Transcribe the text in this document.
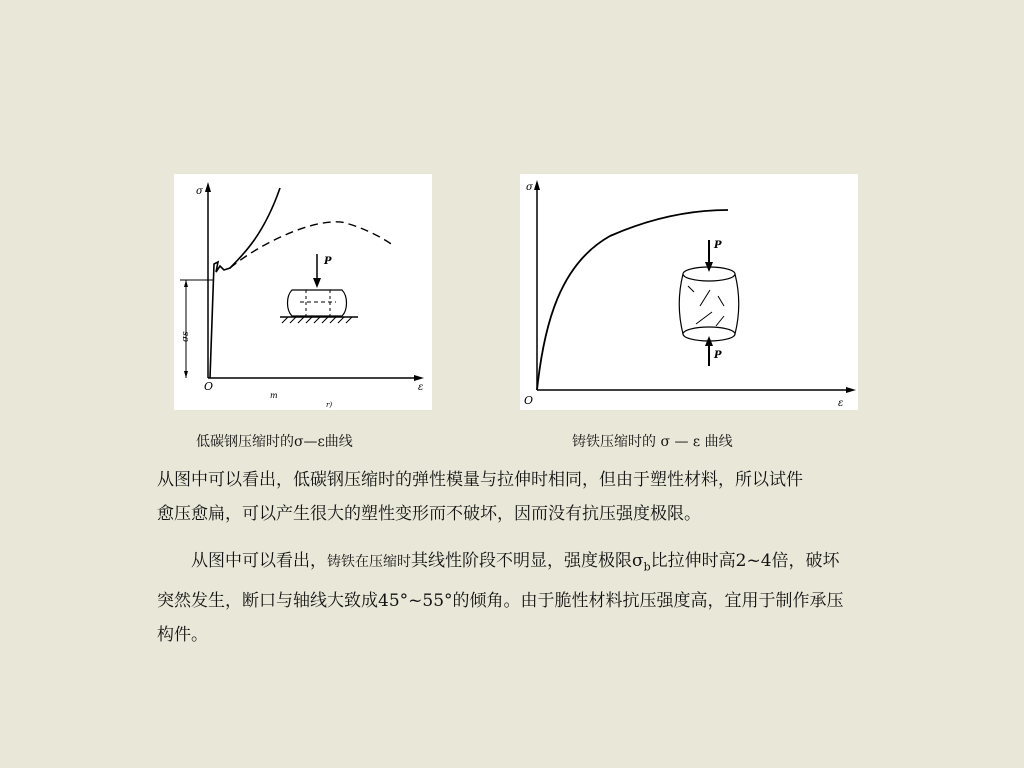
σ
ε
O
m
r)
σs
P
σ
ε
O
P
P
低碳钢压缩时的σ—ε曲线	铸铁压缩时的 σ — ε 曲线
从图中可以看出，低碳钢压缩时的弹性模量与拉伸时相同，但由于塑性材料，所以试件
愈压愈扁，可以产生很大的塑性变形而不破坏，因而没有抗压强度极限。
　　从图中可以看出，铸铁在压缩时其线性阶段不明显，强度极限$\sigma_b$比拉伸时高2~4倍，破坏
突然发生，断口与轴线大致成45°~55°的倾角。由于脆性材料抗压强度高，宜用于制作承压
构件。
